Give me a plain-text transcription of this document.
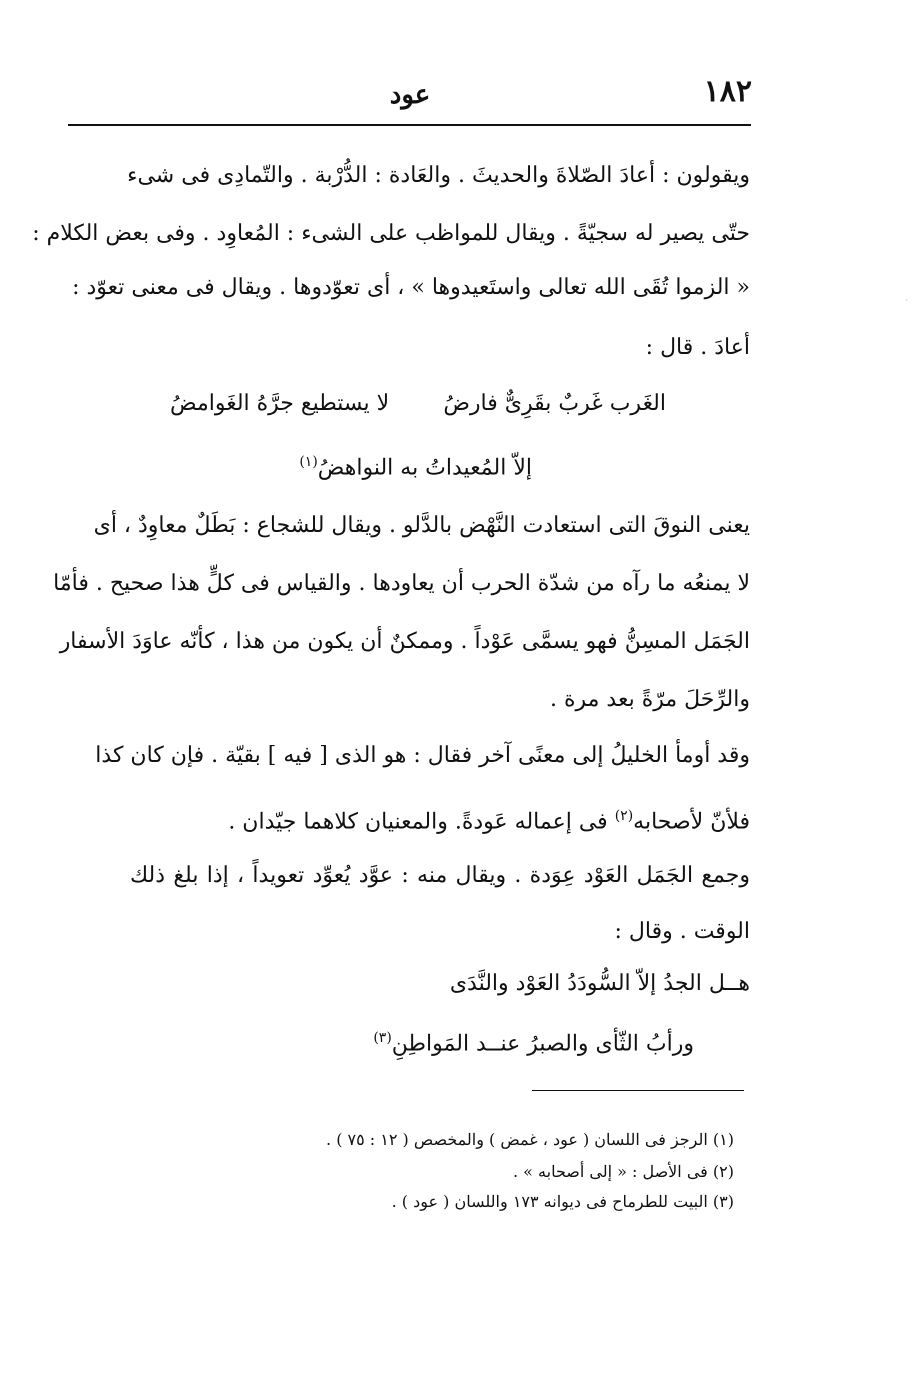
١٨٢
عود
ويقولون : أعادَ الصّلاةَ والحديثَ . والعَادة : الدُّرْبة . والتّمادِى فى شىء
حتّى يصير له سجيّةً . ويقال للمواظب على الشىء : المُعاوِد . وفى بعض الكلام :
« الزموا تُقَى الله تعالى واستَعيدوها » ، أى تعوّدوها . ويقال فى معنى تعوّد :
أعادَ . قال :
الغَرب غَربٌ بقَرِىٌّ فارضُ
لا يستطيع جرَّهُ الغَوامضُ
إلاّ المُعيداتُ به النواهضُ$^{(١)}$
يعنى النوقَ التى استعادت النَّهْض بالدَّلو . ويقال للشجاع : بَطَلٌ معاوِدٌ ، أى
لا يمنعُه ما رآه من شدّة الحرب أن يعاودها . والقياس فى كلٍّ هذا صحيح . فأمّا
الجَمَل المسِنُّ فهو يسمَّى عَوْداً . وممكنٌ أن يكون من هذا ، كأنّه عاوَدَ الأسفار
والرِّحَلَ مرّةً بعد مرة .
وقد أومأ الخليلُ إلى معنًى آخر فقال : هو الذى [ فيه ] بقيّة . فإن كان كذا
فلأنّ لأصحابه$^{(٢)}$ فى إعماله عَودةً. والمعنيان كلاهما جيّدان .
وجمع الجَمَل العَوْد عِوَدة . ويقال منه : عوَّد يُعوِّد تعويداً ، إذا بلغ ذلك
الوقت . وقال :
هــل الجدُ إلاّ السُّودَدُ العَوْد والنَّدَى
ورأبُ الثّأى والصبرُ عنــد المَواطِنِ$^{(٣)}$
(١) الرجز فى اللسان ( عود ، غمض ) والمخصص ( ١٢ : ٧٥ ) .
(٢) فى الأصل : « إلى أصحابه » .
(٣) البيت للطرماح فى ديوانه ١٧٣ واللسان ( عود ) .
·
